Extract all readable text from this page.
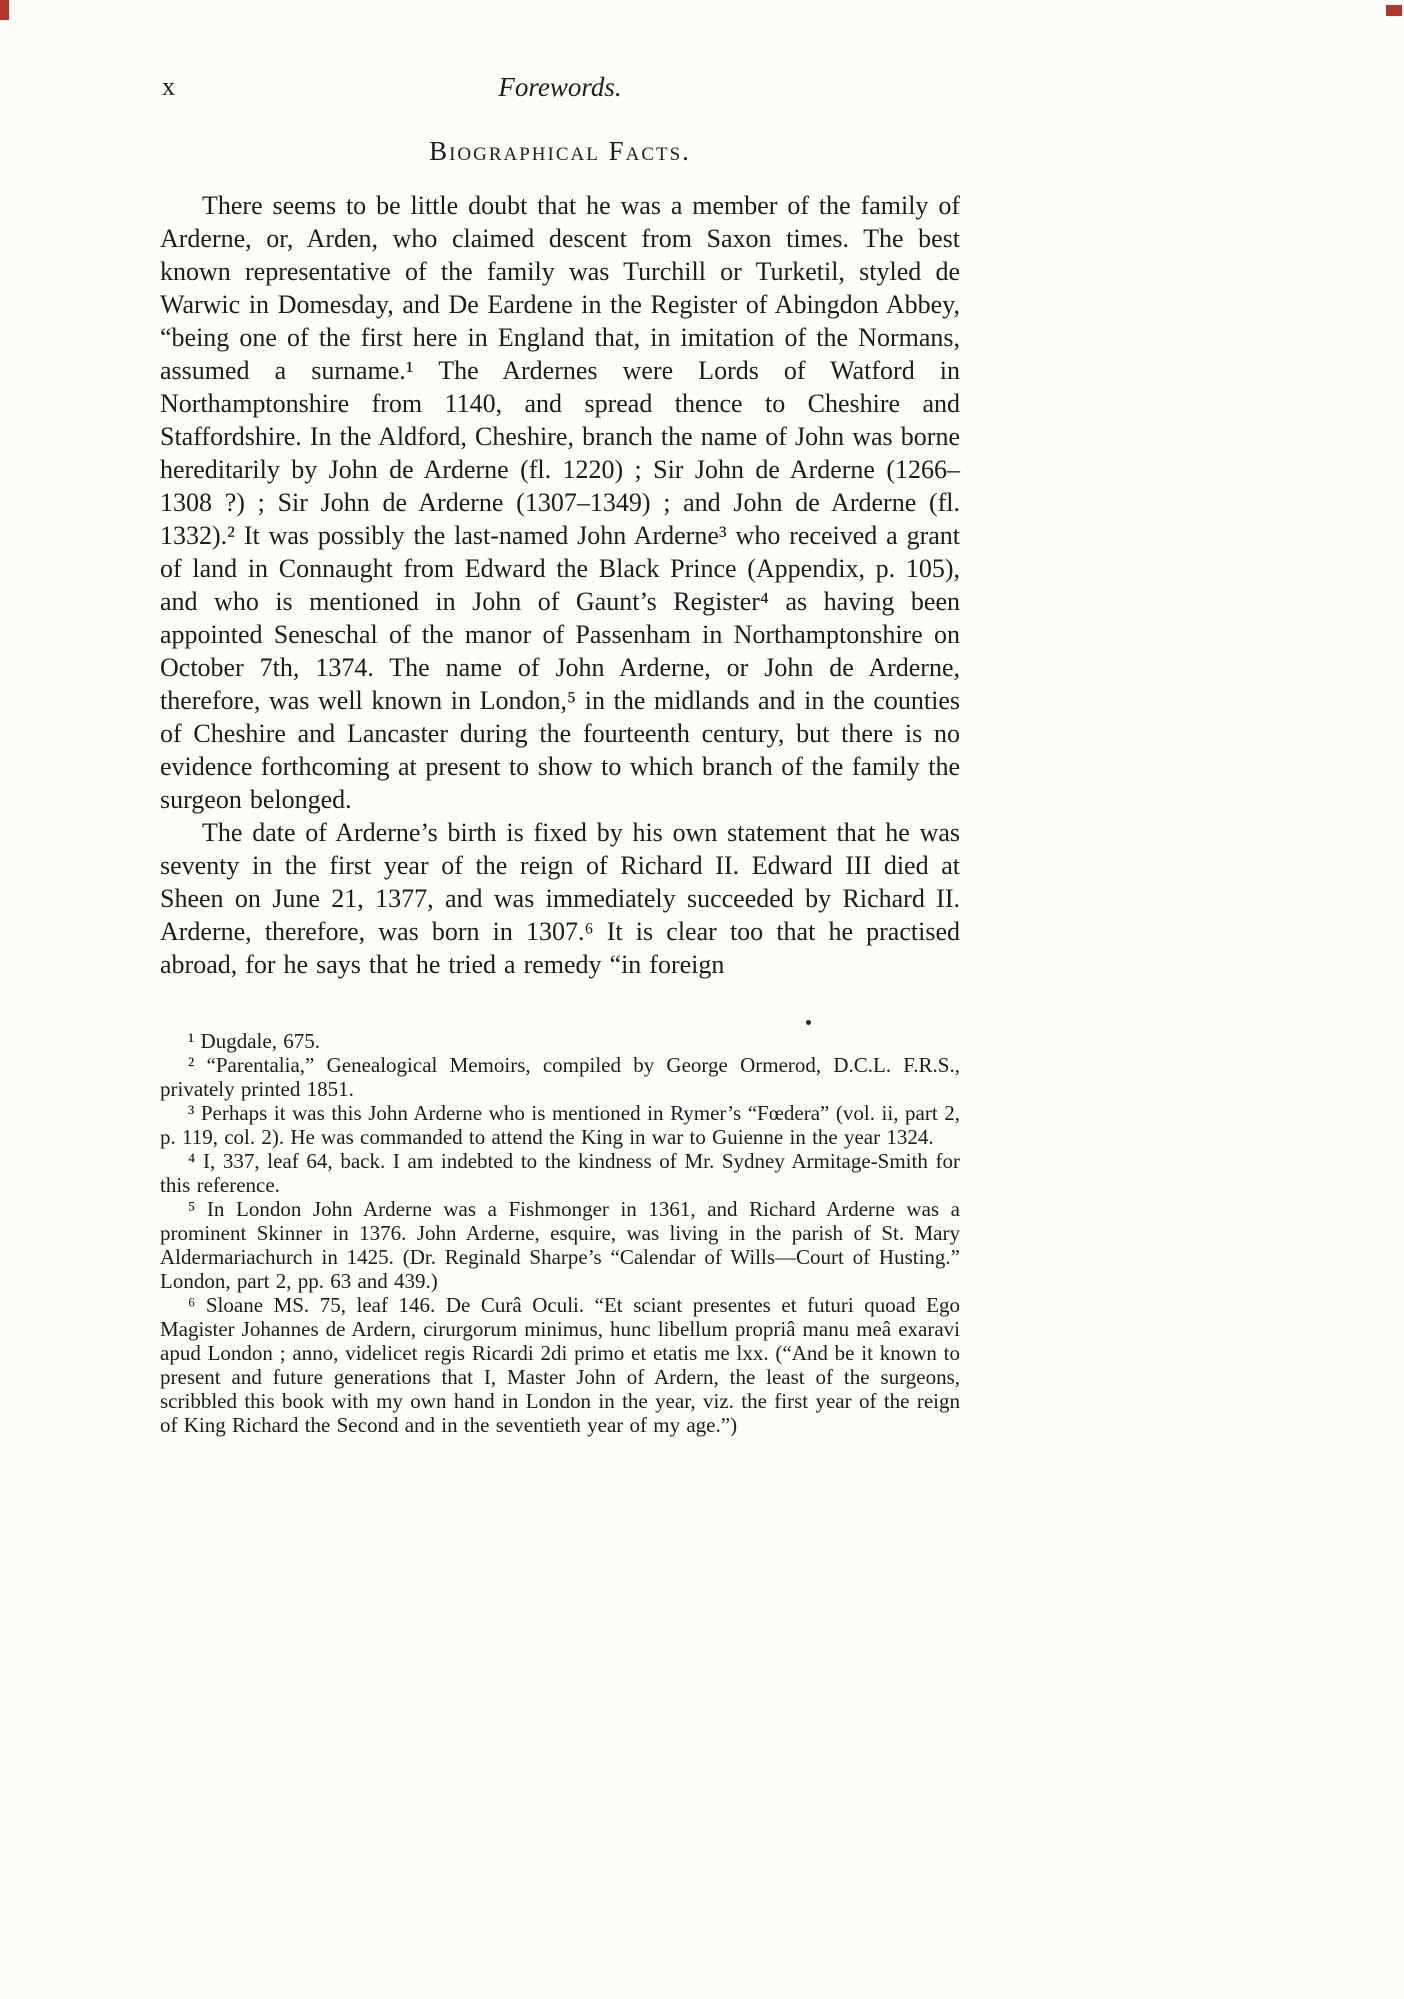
x	Forewords.
Biographical Facts.

There seems to be little doubt that he was a member of the family of Arderne, or, Arden, who claimed descent from Saxon times. The best known representative of the family was Turchill or Turketil, styled de Warwic in Domesday, and De Eardene in the Register of Abingdon Abbey, “being one of the first here in England that, in imitation of the Normans, assumed a surname.¹ The Ardernes were Lords of Watford in Northamptonshire from 1140, and spread thence to Cheshire and Staffordshire. In the Aldford, Cheshire, branch the name of John was borne hereditarily by John de Arderne (fl. 1220) ; Sir John de Arderne (1266–1308 ?) ; Sir John de Arderne (1307–1349) ; and John de Arderne (fl. 1332).² It was possibly the last-named John Arderne³ who received a grant of land in Connaught from Edward the Black Prince (Appendix, p. 105), and who is mentioned in John of Gaunt’s Register⁴ as having been appointed Seneschal of the manor of Passenham in Northamptonshire on October 7th, 1374. The name of John Arderne, or John de Arderne, therefore, was well known in London,⁵ in the midlands and in the counties of Cheshire and Lancaster during the fourteenth century, but there is no evidence forthcoming at present to show to which branch of the family the surgeon belonged.

The date of Arderne’s birth is fixed by his own statement that he was seventy in the first year of the reign of Richard II. Edward III died at Sheen on June 21, 1377, and was immediately succeeded by Richard II. Arderne, therefore, was born in 1307.⁶ It is clear too that he practised abroad, for he says that he tried a remedy “in foreign

¹ Dugdale, 675.

² “Parentalia,” Genealogical Memoirs, compiled by George Ormerod, D.C.L. F.R.S., privately printed 1851.

³ Perhaps it was this John Arderne who is mentioned in Rymer’s “Fœdera” (vol. ii, part 2, p. 119, col. 2). He was commanded to attend the King in war to Guienne in the year 1324.

⁴ I, 337, leaf 64, back. I am indebted to the kindness of Mr. Sydney Armitage-Smith for this reference.

⁵ In London John Arderne was a Fishmonger in 1361, and Richard Arderne was a prominent Skinner in 1376. John Arderne, esquire, was living in the parish of St. Mary Aldermariachurch in 1425. (Dr. Reginald Sharpe’s “Calendar of Wills—Court of Husting.” London, part 2, pp. 63 and 439.)

⁶ Sloane MS. 75, leaf 146. De Curâ Oculi. “Et sciant presentes et futuri quoad Ego Magister Johannes de Ardern, cirurgorum minimus, hunc libellum propriâ manu meâ exaravi apud London ; anno, videlicet regis Ricardi 2di primo et etatis me lxx. (“And be it known to present and future generations that I, Master John of Ardern, the least of the surgeons, scribbled this book with my own hand in London in the year, viz. the first year of the reign of King Richard the Second and in the seventieth year of my age.”)
